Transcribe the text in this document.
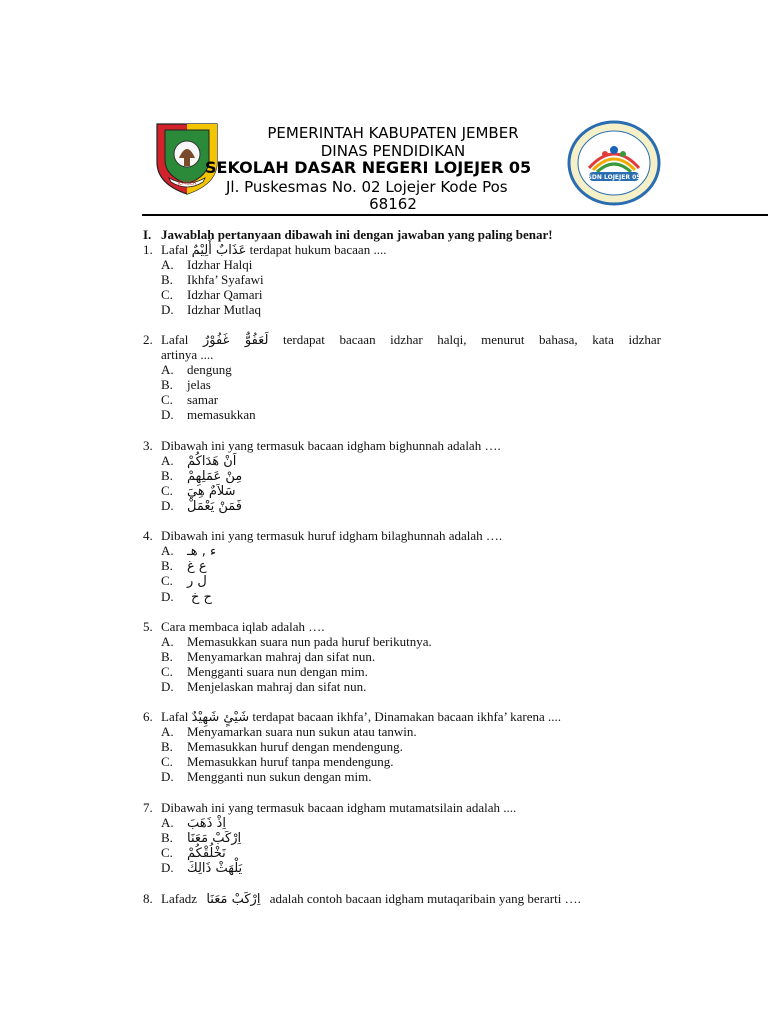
JEMBER
SDN LOJEJER 05
PEMERINTAH KABUPATEN JEMBER
DINAS PENDIDIKAN
SEKOLAH DASAR NEGERI LOJEJER 05
Jl. Puskesmas No. 02 Lojejer Kode Pos
68162
I. Jawablah pertanyaan dibawah ini dengan jawaban yang paling benar!
1. Lafal عَذَابٌ أَلِيْمٌ terdapat hukum bacaan ....
A. Idzhar Halqi
B. Ikhfa’ Syafawi
C. Idzhar Qamari
D. Idzhar Mutlaq
2. Lafal لَعَفُوٌّ غَفُوْرٌ terdapat bacaan idzhar halqi, menurut bahasa, kata idzhar
artinya ....
A. dengung
B. jelas
C. samar
D. memasukkan
3. Dibawah ini yang termasuk bacaan idgham bighunnah adalah ….
A. اَنْ هَدَاكُمْ
B. مِنْ عَمَلِهِمْ
C. سَلاَمٌ هِيَ
D. فَمَنْ يَعْمَلْ
4. Dibawah ini yang termasuk huruf idgham bilaghunnah adalah ….
A. ء , هـ
B. ع غ
C. ل ر
D. ح خ
5. Cara membaca iqlab adalah ….
A. Memasukkan suara nun pada huruf berikutnya.
B. Menyamarkan mahraj dan sifat nun.
C. Mengganti suara nun dengan mim.
D. Menjelaskan mahraj dan sifat nun.
6. Lafal شَيْئٍ شَهِيْدٌ terdapat bacaan ikhfa’, Dinamakan bacaan ikhfa’ karena ....
A. Menyamarkan suara nun sukun atau tanwin.
B. Memasukkan huruf dengan mendengung.
C. Memasukkan huruf tanpa mendengung.
D. Mengganti nun sukun dengan mim.
7. Dibawah ini yang termasuk bacaan idgham mutamatsilain adalah ....
A. اِذْ ذَهَبَ
B. اِرْكَبْ مَعَنَا
C. نَخْلُقْكُمْ
D. يَلْهَثْ ذَالِكَ
8. Lafadz اِرْكَبْ مَعَنَا adalah contoh bacaan idgham mutaqaribain yang berarti ….
